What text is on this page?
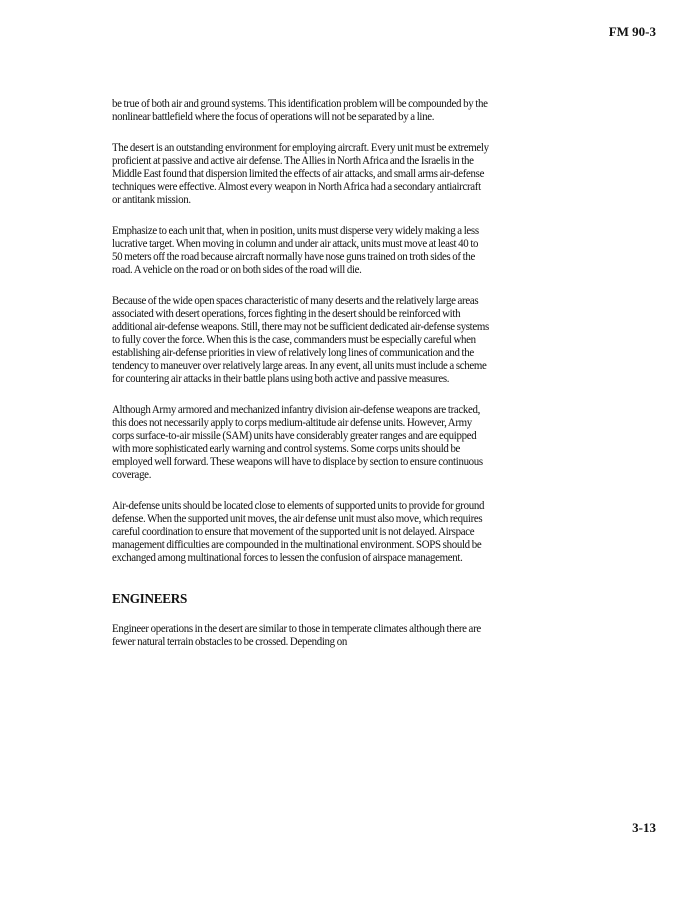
FM 90-3

be true of both air and ground systems. This identification problem will be compounded by the nonlinear battlefield where the focus of operations will not be separated by a line.

The desert is an outstanding environment for employing aircraft. Every unit must be extremely proficient at passive and active air defense. The Allies in North Africa and the Israelis in the Middle East found that dispersion limited the effects of air attacks, and small arms air-defense techniques were effective. Almost every weapon in North Africa had a secondary antiaircraft or antitank mission.

Emphasize to each unit that, when in position, units must disperse very widely making a less lucrative target. When moving in column and under air attack, units must move at least 40 to 50 meters off the road because aircraft normally have nose guns trained on troth sides of the road. A vehicle on the road or on both sides of the road will die.

Because of the wide open spaces characteristic of many deserts and the relatively large areas associated with desert operations, forces fighting in the desert should be reinforced with additional air-defense weapons. Still, there may not be sufficient dedicated air-defense systems to fully cover the force. When this is the case, commanders must be especially careful when establishing air-defense priorities in view of relatively long lines of communication and the tendency to maneuver over relatively large areas. In any event, all units must include a scheme for countering air attacks in their battle plans using both active and passive measures.

Although Army armored and mechanized infantry division air-defense weapons are tracked, this does not necessarily apply to corps medium-altitude air defense units. However, Army corps surface-to-air missile (SAM) units have considerably greater ranges and are equipped with more sophisticated early warning and control systems. Some corps units should be employed well forward. These weapons will have to displace by section to ensure continuous coverage.

Air-defense units should be located close to elements of supported units to provide for ground defense. When the supported unit moves, the air defense unit must also move, which requires careful coordination to ensure that movement of the supported unit is not delayed. Airspace management difficulties are compounded in the multinational environment. SOPS should be exchanged among multinational forces to lessen the confusion of airspace management.

ENGINEERS

Engineer operations in the desert are similar to those in temperate climates although there are fewer natural terrain obstacles to be crossed. Depending on

3-13
